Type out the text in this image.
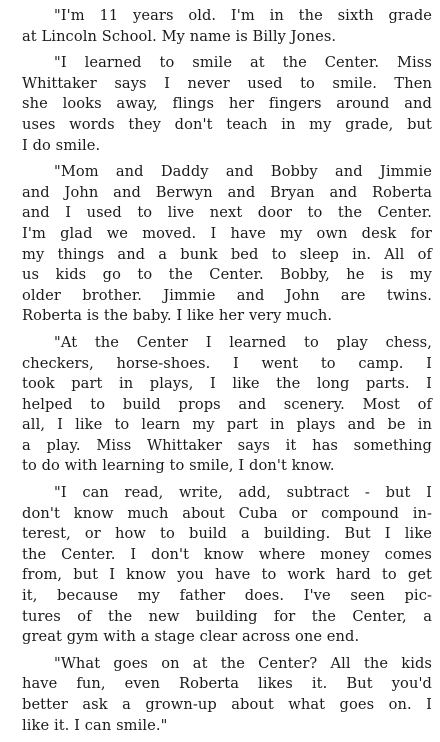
"I'm 11 years old. I'm in the sixth grade
at Lincoln School. My name is Billy Jones.
"I learned to smile at the Center. Miss
Whittaker says I never used to smile. Then
she looks away, flings her fingers around and
uses words they don't teach in my grade, but
I do smile.
"Mom and Daddy and Bobby and Jimmie
and John and Berwyn and Bryan and Roberta
and I used to live next door to the Center.
I'm glad we moved. I have my own desk for
my things and a bunk bed to sleep in. All of
us kids go to the Center. Bobby, he is my
older brother. Jimmie and John are twins.
Roberta is the baby. I like her very much.
"At the Center I learned to play chess,
checkers, horse-shoes. I went to camp. I
took part in plays, I like the long parts. I
helped to build props and scenery. Most of
all, I like to learn my part in plays and be in
a play. Miss Whittaker says it has something
to do with learning to smile, I don't know.
"I can read, write, add, subtract - but I
don't know much about Cuba or compound in-
terest, or how to build a building. But I like
the Center. I don't know where money comes
from, but I know you have to work hard to get
it, because my father does. I've seen pic-
tures of the new building for the Center, a
great gym with a stage clear across one end.
"What goes on at the Center? All the kids
have fun, even Roberta likes it. But you'd
better ask a grown-up about what goes on. I
like it. I can smile."
